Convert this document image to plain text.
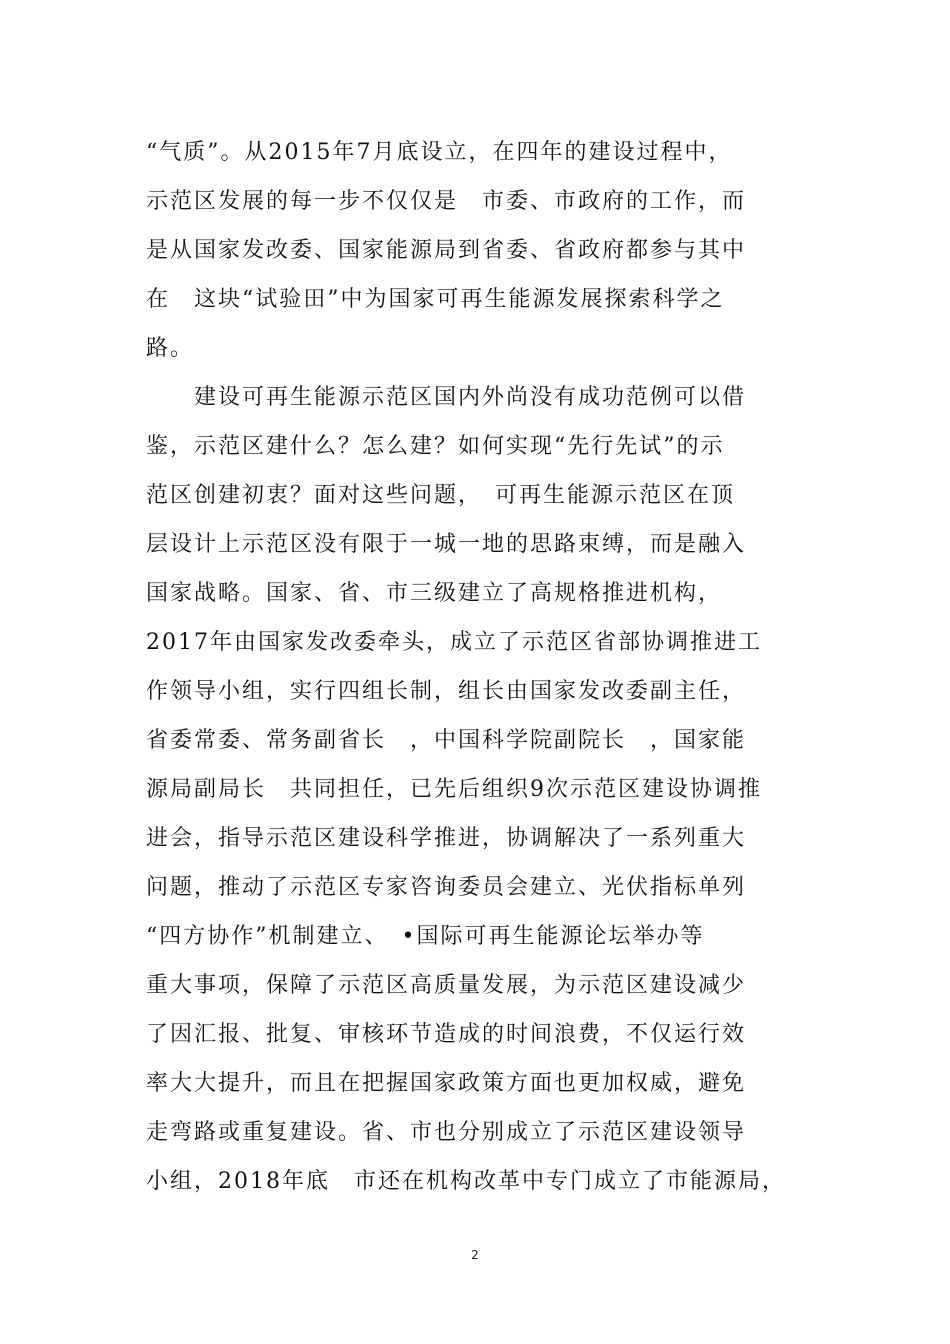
“气质”。从2015年7月底设立，在四年的建设过程中，
示范区发展的每一步不仅仅是　市委、市政府的工作，而
是从国家发改委、国家能源局到省委、省政府都参与其中
在　这块“试验田”中为国家可再生能源发展探索科学之
路。
　　建设可再生能源示范区国内外尚没有成功范例可以借
鉴，示范区建什么？怎么建？如何实现“先行先试”的示
范区创建初衷？面对这些问题，　可再生能源示范区在顶
层设计上示范区没有限于一城一地的思路束缚，而是融入
国家战略。国家、省、市三级建立了高规格推进机构，
2017年由国家发改委牵头，成立了示范区省部协调推进工
作领导小组，实行四组长制，组长由国家发改委副主任，
省委常委、常务副省长　，中国科学院副院长　，国家能
源局副局长　共同担任，已先后组织9次示范区建设协调推
进会，指导示范区建设科学推进，协调解决了一系列重大
问题，推动了示范区专家咨询委员会建立、光伏指标单列
“四方协作”机制建立、　•国际可再生能源论坛举办等
重大事项，保障了示范区高质量发展，为示范区建设减少
了因汇报、批复、审核环节造成的时间浪费，不仅运行效
率大大提升，而且在把握国家政策方面也更加权威，避免
走弯路或重复建设。省、市也分别成立了示范区建设领导
小组，2018年底　市还在机构改革中专门成立了市能源局，
2
